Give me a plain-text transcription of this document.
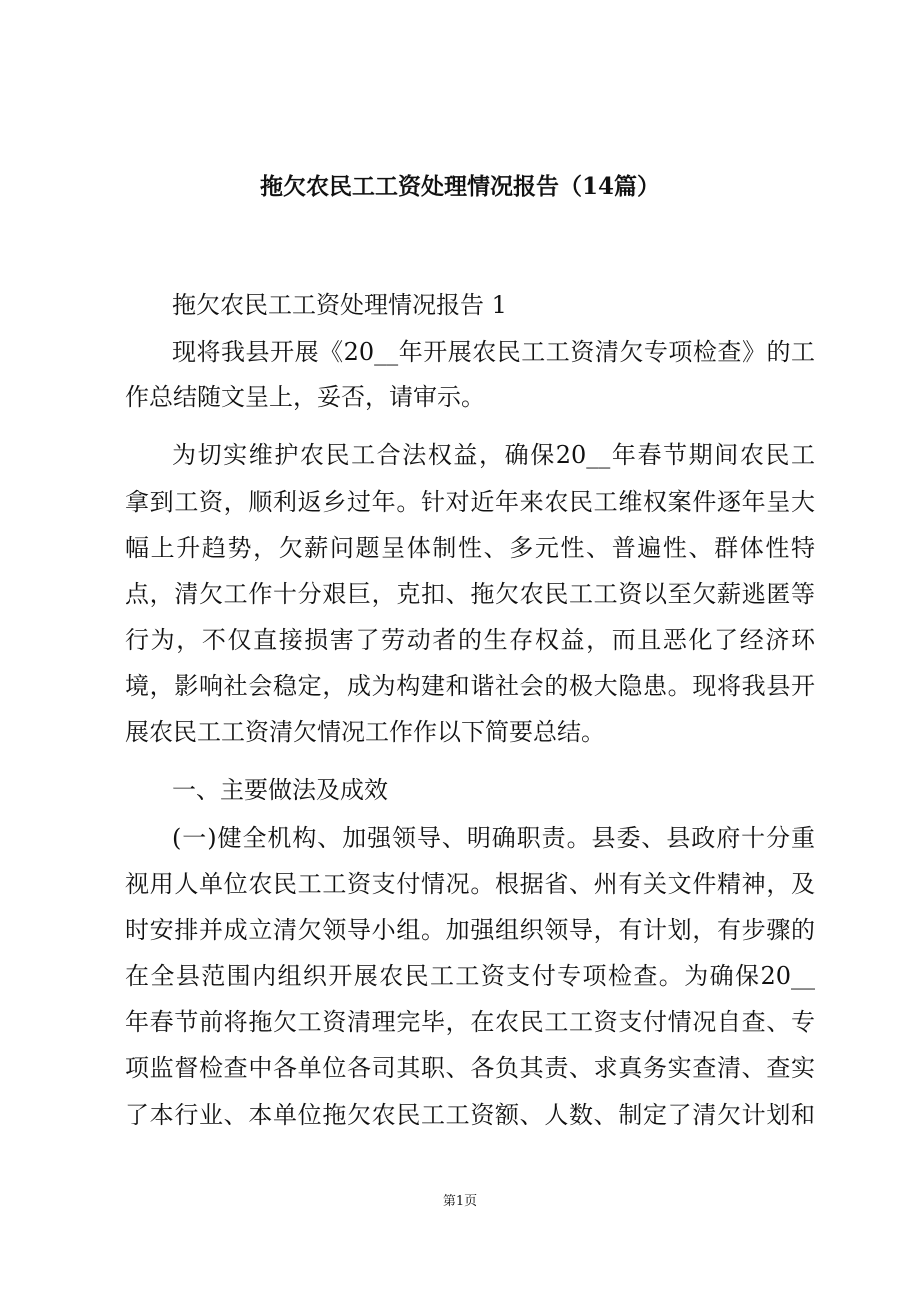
拖欠农民工工资处理情况报告（14篇）
拖欠农民工工资处理情况报告 1
现将我县开展《20__年开展农民工工资清欠专项检查》的工
作总结随文呈上，妥否，请审示。
为切实维护农民工合法权益，确保20__年春节期间农民工
拿到工资，顺利返乡过年。针对近年来农民工维权案件逐年呈大
幅上升趋势，欠薪问题呈体制性、多元性、普遍性、群体性特
点，清欠工作十分艰巨，克扣、拖欠农民工工资以至欠薪逃匿等
行为，不仅直接损害了劳动者的生存权益，而且恶化了经济环
境，影响社会稳定，成为构建和谐社会的极大隐患。现将我县开
展农民工工资清欠情况工作作以下简要总结。
一、主要做法及成效
(一)健全机构、加强领导、明确职责。县委、县政府十分重
视用人单位农民工工资支付情况。根据省、州有关文件精神，及
时安排并成立清欠领导小组。加强组织领导，有计划，有步骤的
在全县范围内组织开展农民工工资支付专项检查。为确保20__
年春节前将拖欠工资清理完毕，在农民工工资支付情况自查、专
项监督检查中各单位各司其职、各负其责、求真务实查清、查实
了本行业、本单位拖欠农民工工资额、人数、制定了清欠计划和
第1页
